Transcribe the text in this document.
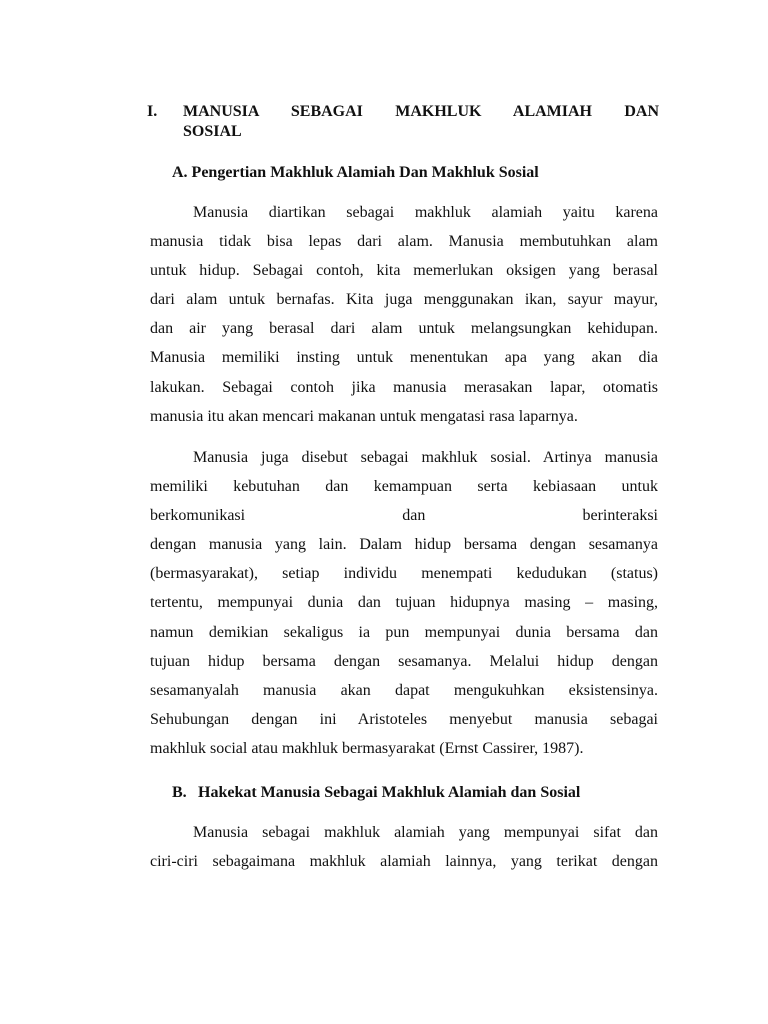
I. MANUSIA SEBAGAI MAKHLUK ALAMIAH DAN
SOSIAL
A. Pengertian Makhluk Alamiah Dan Makhluk Sosial
Manusia diartikan sebagai makhluk alamiah yaitu karena
manusia tidak bisa lepas dari alam. Manusia membutuhkan alam
untuk hidup. Sebagai contoh, kita memerlukan oksigen yang berasal
dari alam untuk bernafas. Kita juga menggunakan ikan, sayur mayur,
dan air yang berasal dari alam untuk melangsungkan kehidupan.
Manusia memiliki insting untuk menentukan apa yang akan dia
lakukan. Sebagai contoh jika manusia merasakan lapar, otomatis
manusia itu akan mencari makanan untuk mengatasi rasa laparnya.
Manusia juga disebut sebagai makhluk sosial. Artinya manusia
memiliki kebutuhan dan kemampuan serta kebiasaan untuk
berkomunikasi dan berinteraksi
dengan manusia yang lain. Dalam hidup bersama dengan sesamanya
(bermasyarakat), setiap individu menempati kedudukan (status)
tertentu, mempunyai dunia dan tujuan hidupnya masing – masing,
namun demikian sekaligus ia pun mempunyai dunia bersama dan
tujuan hidup bersama dengan sesamanya. Melalui hidup dengan
sesamanyalah manusia akan dapat mengukuhkan eksistensinya.
Sehubungan dengan ini Aristoteles menyebut manusia sebagai
makhluk social atau makhluk bermasyarakat (Ernst Cassirer, 1987).
B. Hakekat Manusia Sebagai Makhluk Alamiah dan Sosial
Manusia sebagai makhluk alamiah yang mempunyai sifat dan
ciri-ciri sebagaimana makhluk alamiah lainnya, yang terikat dengan
